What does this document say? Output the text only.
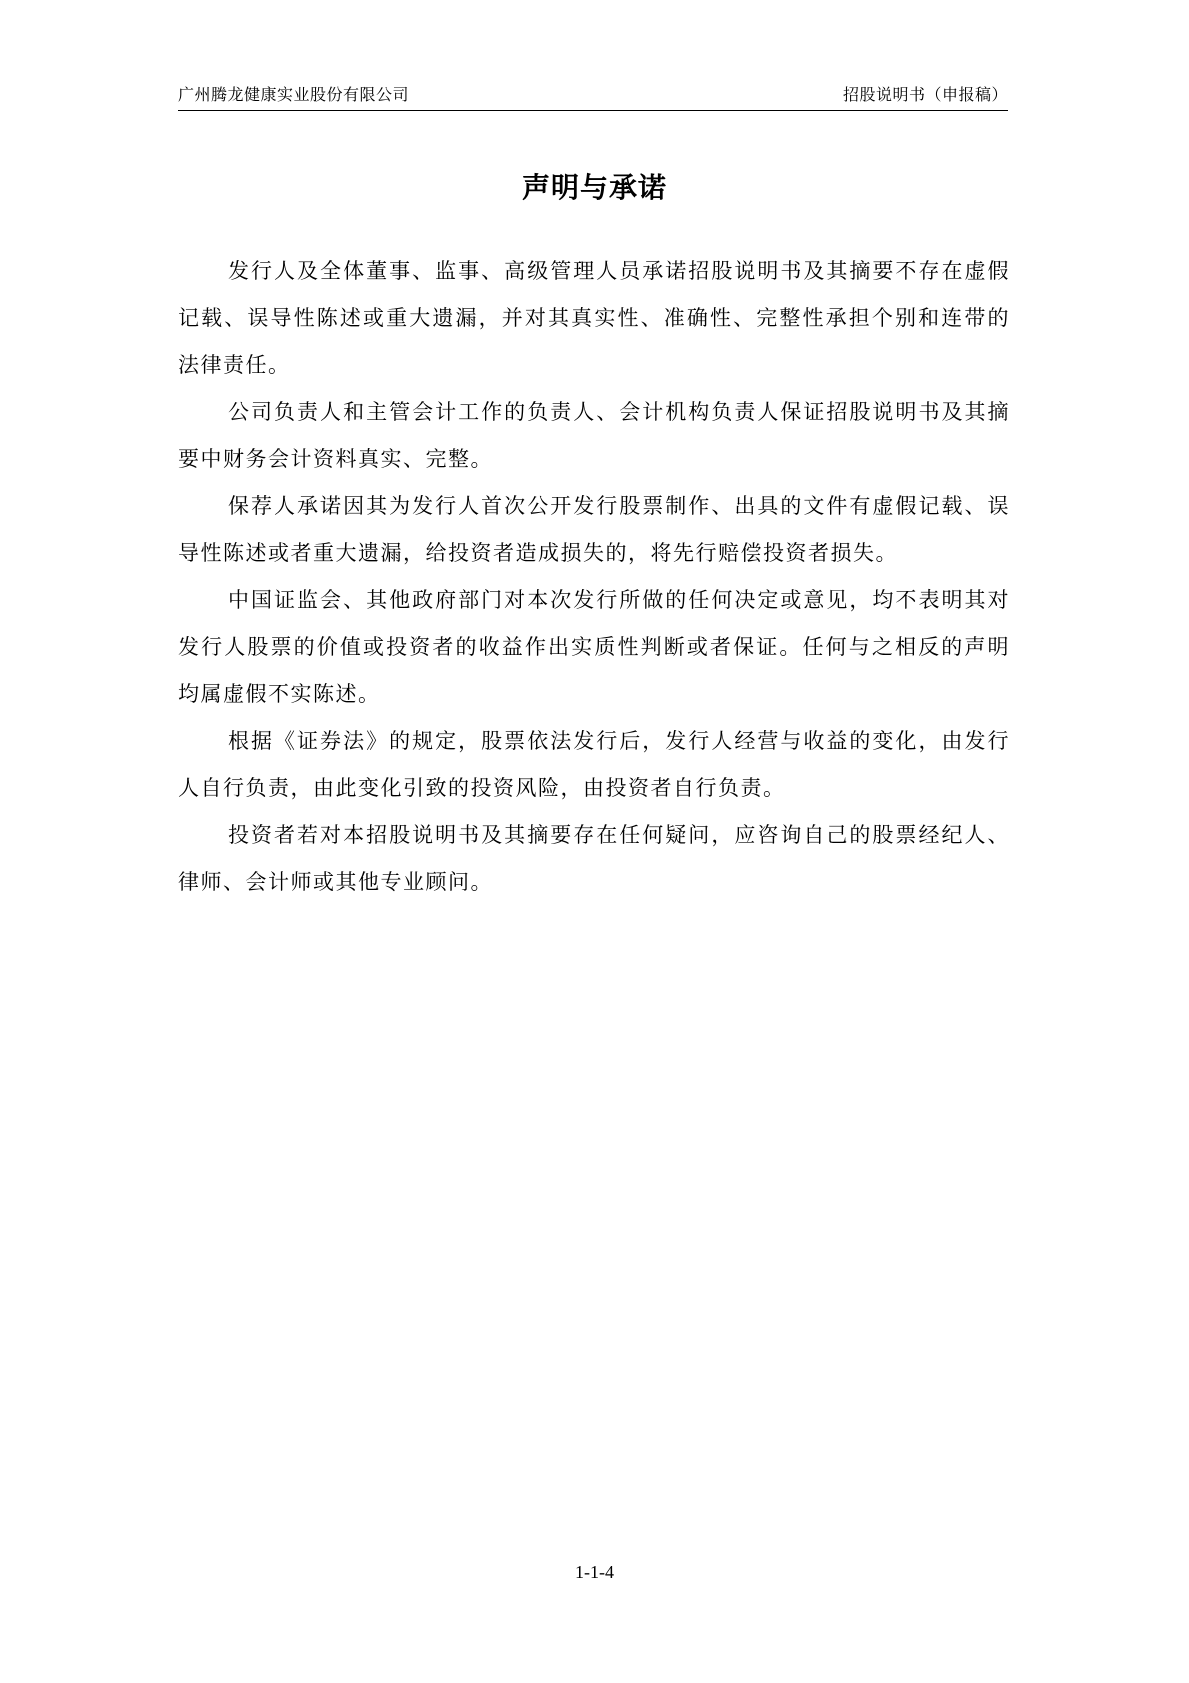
广州腾龙健康实业股份有限公司	招股说明书（申报稿）
声明与承诺

发行人及全体董事、监事、高级管理人员承诺招股说明书及其摘要不存在虚假记载、误导性陈述或重大遗漏，并对其真实性、准确性、完整性承担个别和连带的法律责任。

公司负责人和主管会计工作的负责人、会计机构负责人保证招股说明书及其摘要中财务会计资料真实、完整。

保荐人承诺因其为发行人首次公开发行股票制作、出具的文件有虚假记载、误导性陈述或者重大遗漏，给投资者造成损失的，将先行赔偿投资者损失。

中国证监会、其他政府部门对本次发行所做的任何决定或意见，均不表明其对发行人股票的价值或投资者的收益作出实质性判断或者保证。任何与之相反的声明均属虚假不实陈述。

根据《证券法》的规定，股票依法发行后，发行人经营与收益的变化，由发行人自行负责，由此变化引致的投资风险，由投资者自行负责。

投资者若对本招股说明书及其摘要存在任何疑问，应咨询自己的股票经纪人、律师、会计师或其他专业顾问。

1-1-4
